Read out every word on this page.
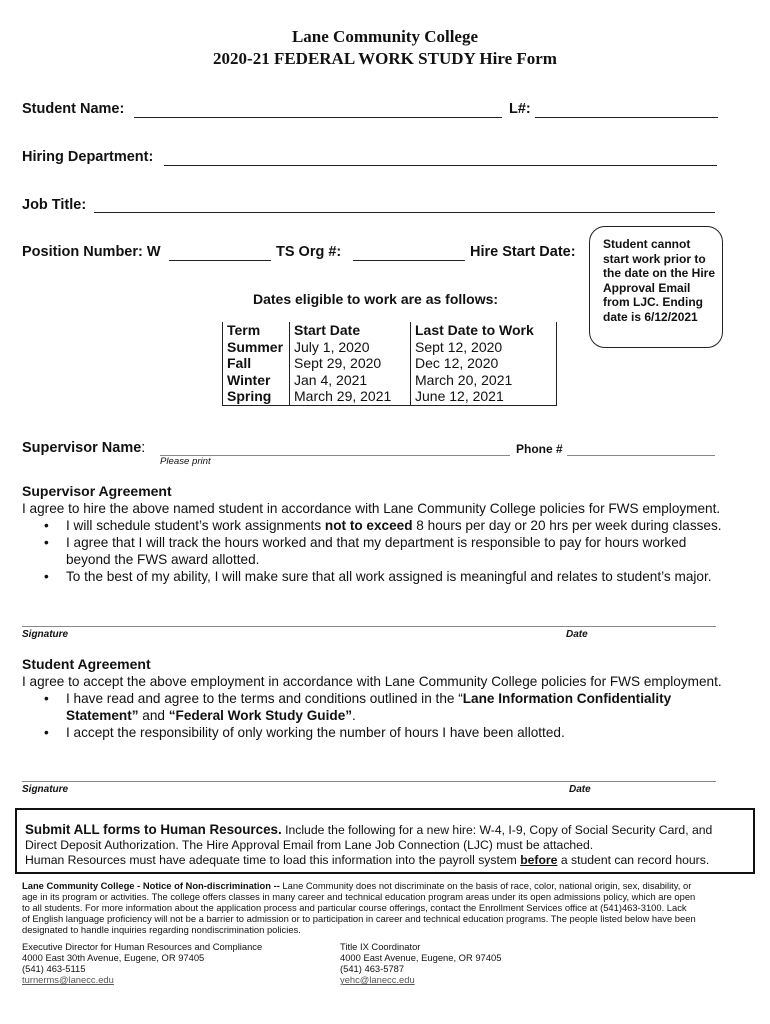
Lane Community College
2020-21 FEDERAL WORK STUDY Hire Form
Student Name:	L#:
Hiring Department:
Job Title:
Position Number: W	TS Org #:	Hire Start Date:	Student cannot start work prior to the date on the Hire Approval Email from LJC. Ending date is 6/12/2021
Dates eligible to work are as follows:
Term	Start Date	Last Date to Work
Summer	July 1, 2020	Sept 12, 2020
Fall	Sept 29, 2020	Dec 12, 2020
Winter	Jan 4, 2021	March 20, 2021
Spring	March 29, 2021	June 12, 2021
Supervisor Name:	Phone #
Please print
Supervisor Agreement
I agree to hire the above named student in accordance with Lane Community College policies for FWS employment.
• I will schedule student’s work assignments not to exceed 8 hours per day or 20 hrs per week during classes.
• I agree that I will track the hours worked and that my department is responsible to pay for hours worked
beyond the FWS award allotted.
• To the best of my ability, I will make sure that all work assigned is meaningful and relates to student’s major.
Signature	Date
Student Agreement
I agree to accept the above employment in accordance with Lane Community College policies for FWS employment.
• I have read and agree to the terms and conditions outlined in the “Lane Information Confidentiality
Statement” and “Federal Work Study Guide”.
• I accept the responsibility of only working the number of hours I have been allotted.
Signature	Date
Submit ALL forms to Human Resources. Include the following for a new hire: W-4, I-9, Copy of Social Security Card, and
Direct Deposit Authorization. The Hire Approval Email from Lane Job Connection (LJC) must be attached.
Human Resources must have adequate time to load this information into the payroll system before a student can record hours.
Lane Community College - Notice of Non-discrimination -- Lane Community does not discriminate on the basis of race, color, national origin, sex, disability, or
age in its program or activities. The college offers classes in many career and technical education program areas under its open admissions policy, which are open
to all students. For more information about the application process and particular course offerings, contact the Enrollment Services office at (541)463-3100. Lack
of English language proficiency will not be a barrier to admission or to participation in career and technical education programs. The people listed below have been
designated to handle inquiries regarding nondiscrimination policies.
Executive Director for Human Resources and Compliance
4000 East 30th Avenue, Eugene, OR 97405
(541) 463-5115
turnerms@lanecc.edu
Title IX Coordinator
4000 East Avenue, Eugene, OR 97405
(541) 463-5787
yehc@lanecc.edu
